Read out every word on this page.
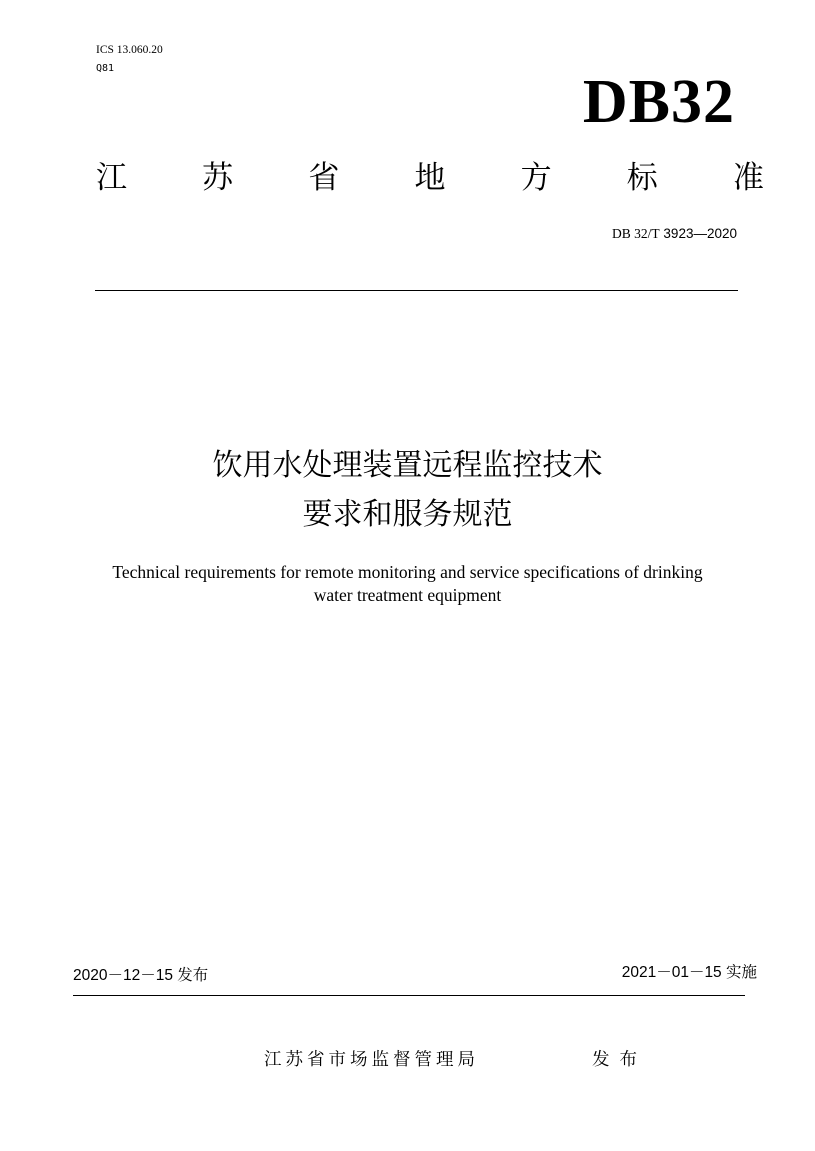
ICS 13.060.20
Q81	DB32
江 苏 省 地 方 标 准
DB 32/T 3923—2020
饮用水处理装置远程监控技术
要求和服务规范
Technical requirements for remote monitoring and service specifications of drinking
water treatment equipment
2020－12－15 发布	2021－01－15 实施
江苏省市场监督管理局	发布
